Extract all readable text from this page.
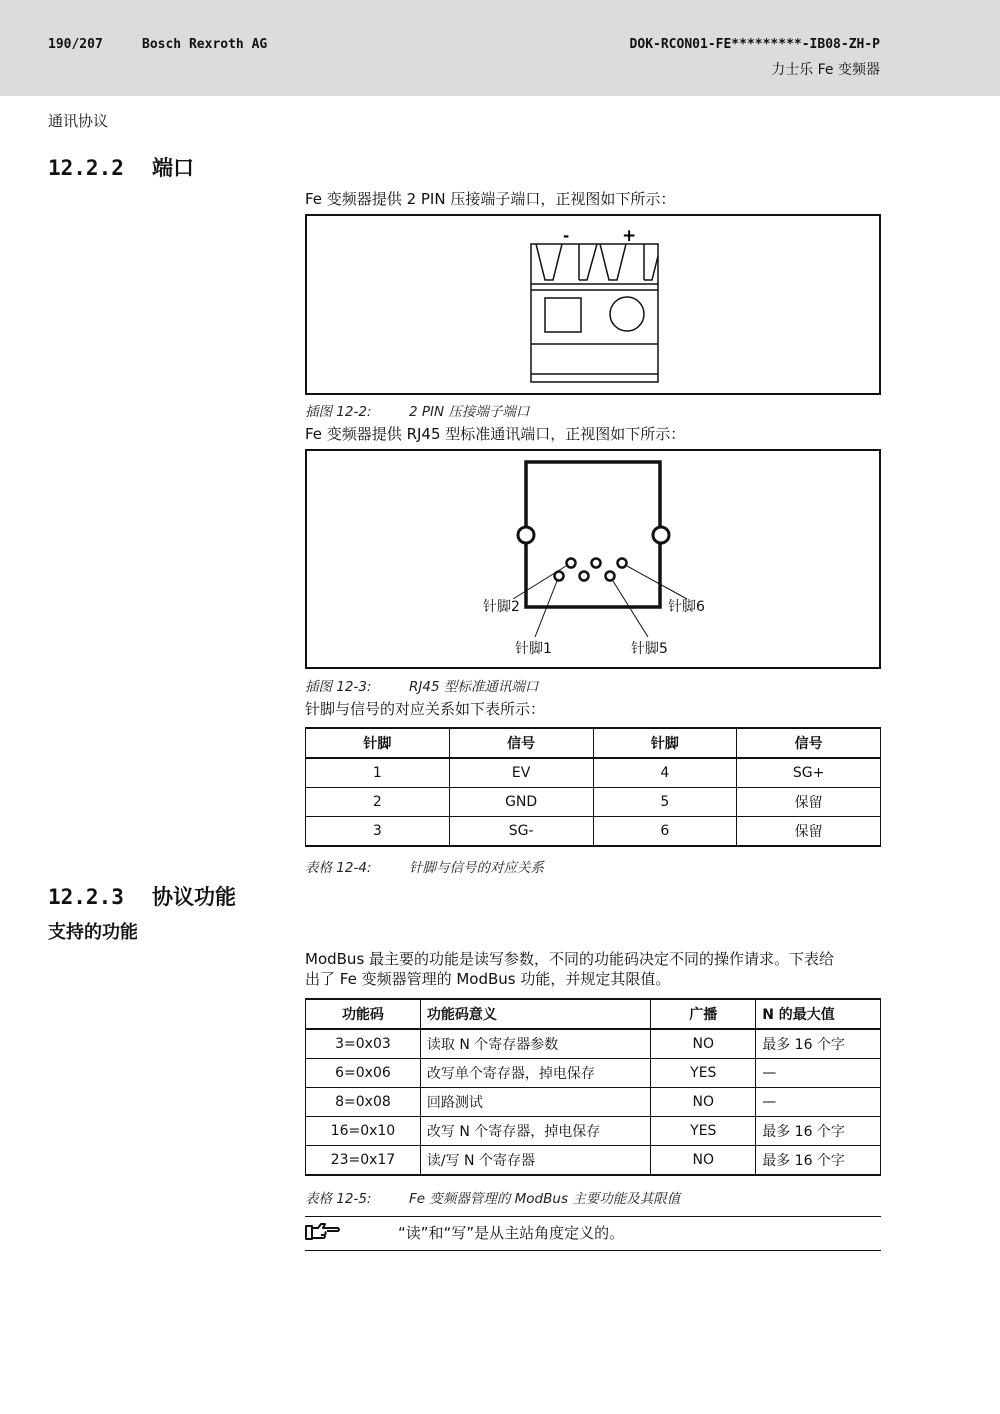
190/207	Bosch Rexroth AG	DOK-RCON01-FE*********-IB08-ZH-P
力士乐 Fe 变频器
通讯协议
12.2.2 端口
Fe 变频器提供 2 PIN 压接端子端口，正视图如下所示：
-	+
插图 12-2:	2 PIN 压接端子端口
Fe 变频器提供 RJ45 型标准通讯端口，正视图如下所示：
针脚2	针脚6
针脚1	针脚5
插图 12-3:	RJ45 型标准通讯端口
针脚与信号的对应关系如下表所示：
针脚	信号	针脚	信号
1	EV	4	SG+
2	GND	5	保留
3	SG-	6	保留
表格 12-4:	针脚与信号的对应关系
12.2.3 协议功能
支持的功能
ModBus 最主要的功能是读写参数，不同的功能码决定不同的操作请求。下表给
出了 Fe 变频器管理的 ModBus 功能，并规定其限值。
功能码	功能码意义	广播	N 的最大值
3=0x03	读取 N 个寄存器参数	NO	最多 16 个字
6=0x06	改写单个寄存器，掉电保存	YES	—
8=0x08	回路测试	NO	—
16=0x10	改写 N 个寄存器，掉电保存	YES	最多 16 个字
23=0x17	读/写 N 个寄存器	NO	最多 16 个字
表格 12-5:	Fe 变频器管理的 ModBus 主要功能及其限值
“读”和“写”是从主站角度定义的。
